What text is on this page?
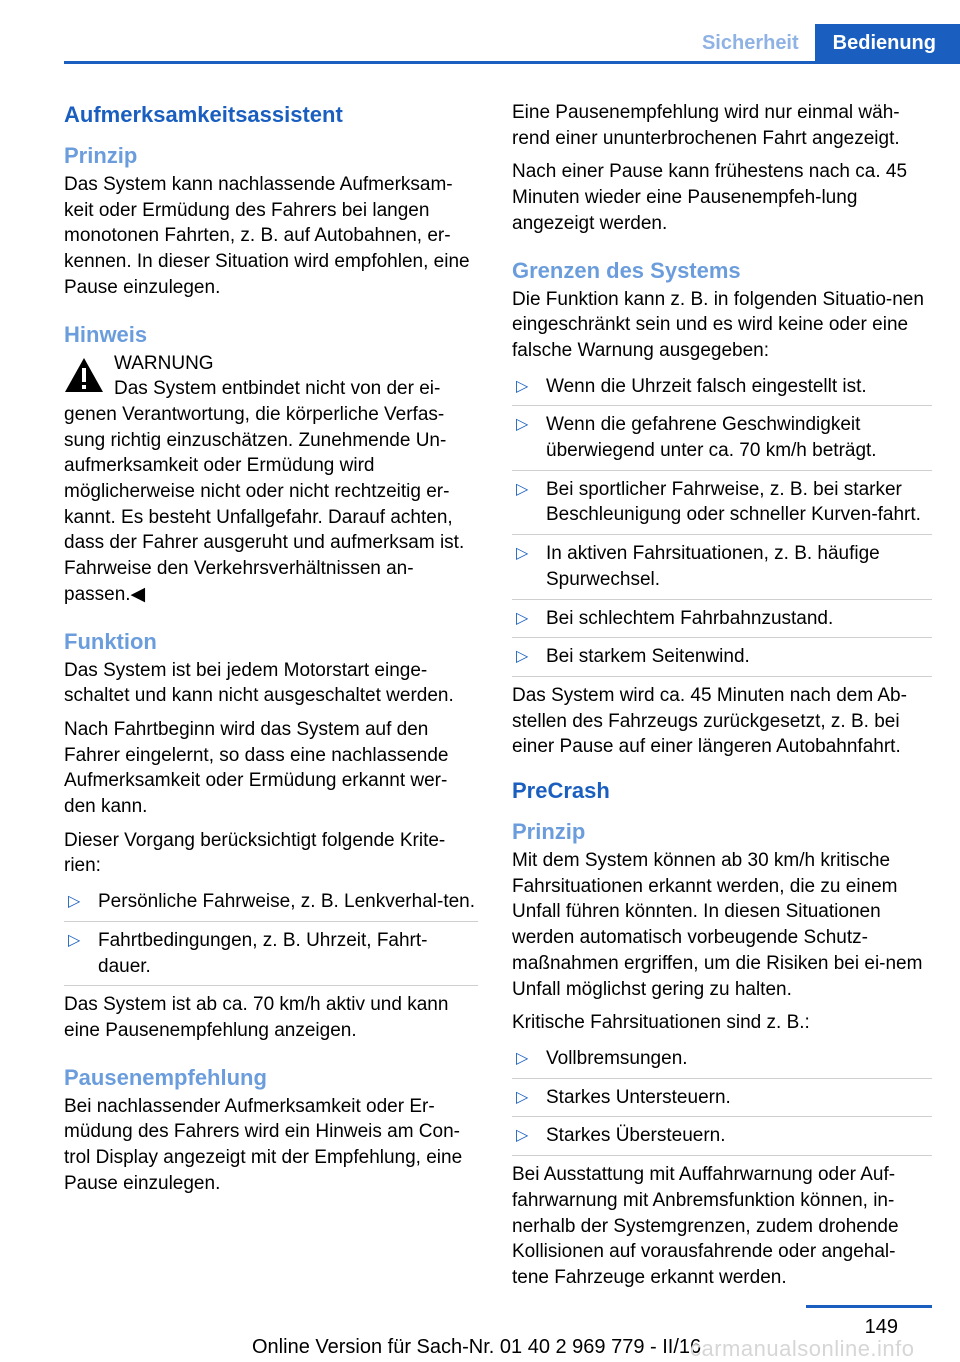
Sicherheit	Bedienung
Aufmerksamkeitsassistent
Prinzip

Das System kann nachlassende Aufmerksam-keit oder Ermüdung des Fahrers bei langen monotonen Fahrten, z. B. auf Autobahnen, er-kennen. In dieser Situation wird empfohlen, eine Pause einzulegen.

Hinweis
WARNUNG
Das System entbindet nicht von der ei-

genen Verantwortung, die körperliche Verfas-sung richtig einzuschätzen. Zunehmende Un-aufmerksamkeit oder Ermüdung wird möglicherweise nicht oder nicht rechtzeitig er-kannt. Es besteht Unfallgefahr. Darauf achten, dass der Fahrer ausgeruht und aufmerksam ist. Fahrweise den Verkehrsverhältnissen an-passen.◀

Funktion

Das System ist bei jedem Motorstart einge-schaltet und kann nicht ausgeschaltet werden.

Nach Fahrtbeginn wird das System auf den Fahrer eingelernt, so dass eine nachlassende Aufmerksamkeit oder Ermüdung erkannt wer-den kann.

Dieser Vorgang berücksichtigt folgende Krite-rien:

▷ Persönliche Fahrweise, z. B. Lenkverhal-ten.
▷ Fahrtbedingungen, z. B. Uhrzeit, Fahrt-dauer.

Das System ist ab ca. 70 km/h aktiv und kann eine Pausenempfehlung anzeigen.

Pausenempfehlung

Bei nachlassender Aufmerksamkeit oder Er-müdung des Fahrers wird ein Hinweis am Con-trol Display angezeigt mit der Empfehlung, eine Pause einzulegen.

Eine Pausenempfehlung wird nur einmal wäh-rend einer ununterbrochenen Fahrt angezeigt.

Nach einer Pause kann frühestens nach ca. 45 Minuten wieder eine Pausenempfeh-lung angezeigt werden.

Grenzen des Systems

Die Funktion kann z. B. in folgenden Situatio-nen eingeschränkt sein und es wird keine oder eine falsche Warnung ausgegeben:

▷ Wenn die Uhrzeit falsch eingestellt ist.
▷ Wenn die gefahrene Geschwindigkeit überwiegend unter ca. 70 km/h beträgt.
▷ Bei sportlicher Fahrweise, z. B. bei starker Beschleunigung oder schneller Kurven-fahrt.
▷ In aktiven Fahrsituationen, z. B. häufige Spurwechsel.
▷ Bei schlechtem Fahrbahnzustand.
▷ Bei starkem Seitenwind.

Das System wird ca. 45 Minuten nach dem Ab-stellen des Fahrzeugs zurückgesetzt, z. B. bei einer Pause auf einer längeren Autobahnfahrt.

PreCrash
Prinzip

Mit dem System können ab 30 km/h kritische Fahrsituationen erkannt werden, die zu einem Unfall führen könnten. In diesen Situationen werden automatisch vorbeugende Schutz-maßnahmen ergriffen, um die Risiken bei ei-nem Unfall möglichst gering zu halten.

Kritische Fahrsituationen sind z. B.:

▷ Vollbremsungen.
▷ Starkes Untersteuern.
▷ Starkes Übersteuern.

Bei Ausstattung mit Auffahrwarnung oder Auf-fahrwarnung mit Anbremsfunktion können, in-nerhalb der Systemgrenzen, zudem drohende Kollisionen auf vorausfahrende oder angehal-tene Fahrzeuge erkannt werden.

149
Online Version für Sach-Nr. 01 40 2 969 779 - II/16
carmanualsonline.info
